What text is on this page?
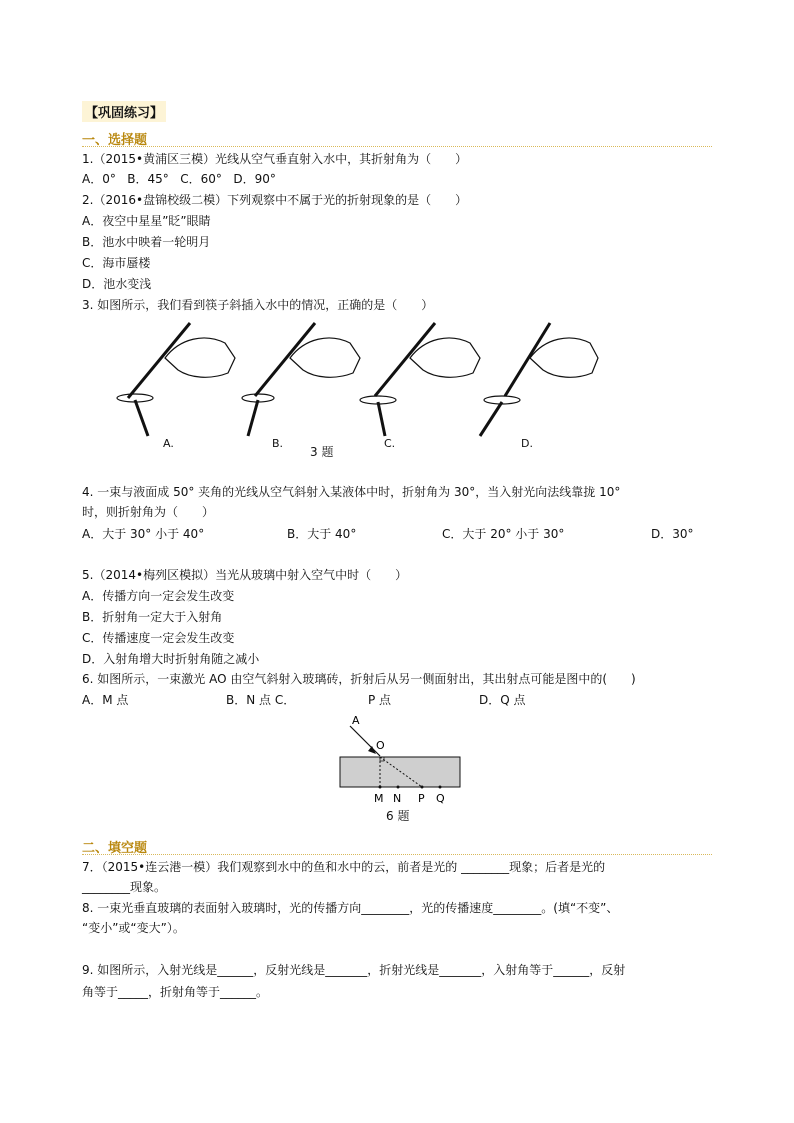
【巩固练习】
一、选择题
1.（2015•黄浦区三模）光线从空气垂直射入水中，其折射角为（　　）
A．0°   B．45°   C．60°   D．90°
2.（2016•盘锦校级二模）下列观察中不属于光的折射现象的是（　　）
A．夜空中星星”眨”眼睛
B．池水中映着一轮明月
C．海市蜃楼
D．池水变浅
3. 如图所示，我们看到筷子斜插入水中的情况，正确的是（　　）
A.	B.	C.	D.
3 题
4. 一束与液面成 50° 夹角的光线从空气斜射入某液体中时，折射角为 30°，当入射光向法线靠拢 10°
时，则折射角为（　　）
A．大于 30° 小于 40°	B．大于 40°	C．大于 20° 小于 30°	D．30°
5.（2014•梅列区模拟）当光从玻璃中射入空气中时（　　）
A．传播方向一定会发生改变
B．折射角一定大于入射角
C．传播速度一定会发生改变
D．入射角增大时折射角随之减小
6. 如图所示，一束激光 AO 由空气斜射入玻璃砖，折射后从另一侧面射出，其出射点可能是图中的(　　)
A．M 点	B．N 点 C．	P 点	D．Q 点
A
O
M N P Q
6 题
二、填空题
7．（2015•连云港一模）我们观察到水中的鱼和水中的云，前者是光的 ________现象；后者是光的
________现象。
8. 一束光垂直玻璃的表面射入玻璃时，光的传播方向________，光的传播速度________。(填“不变”、
“变小”或“变大”）。
9. 如图所示，入射光线是______，反射光线是_______，折射光线是_______，入射角等于______，反射
角等于_____，折射角等于______。
